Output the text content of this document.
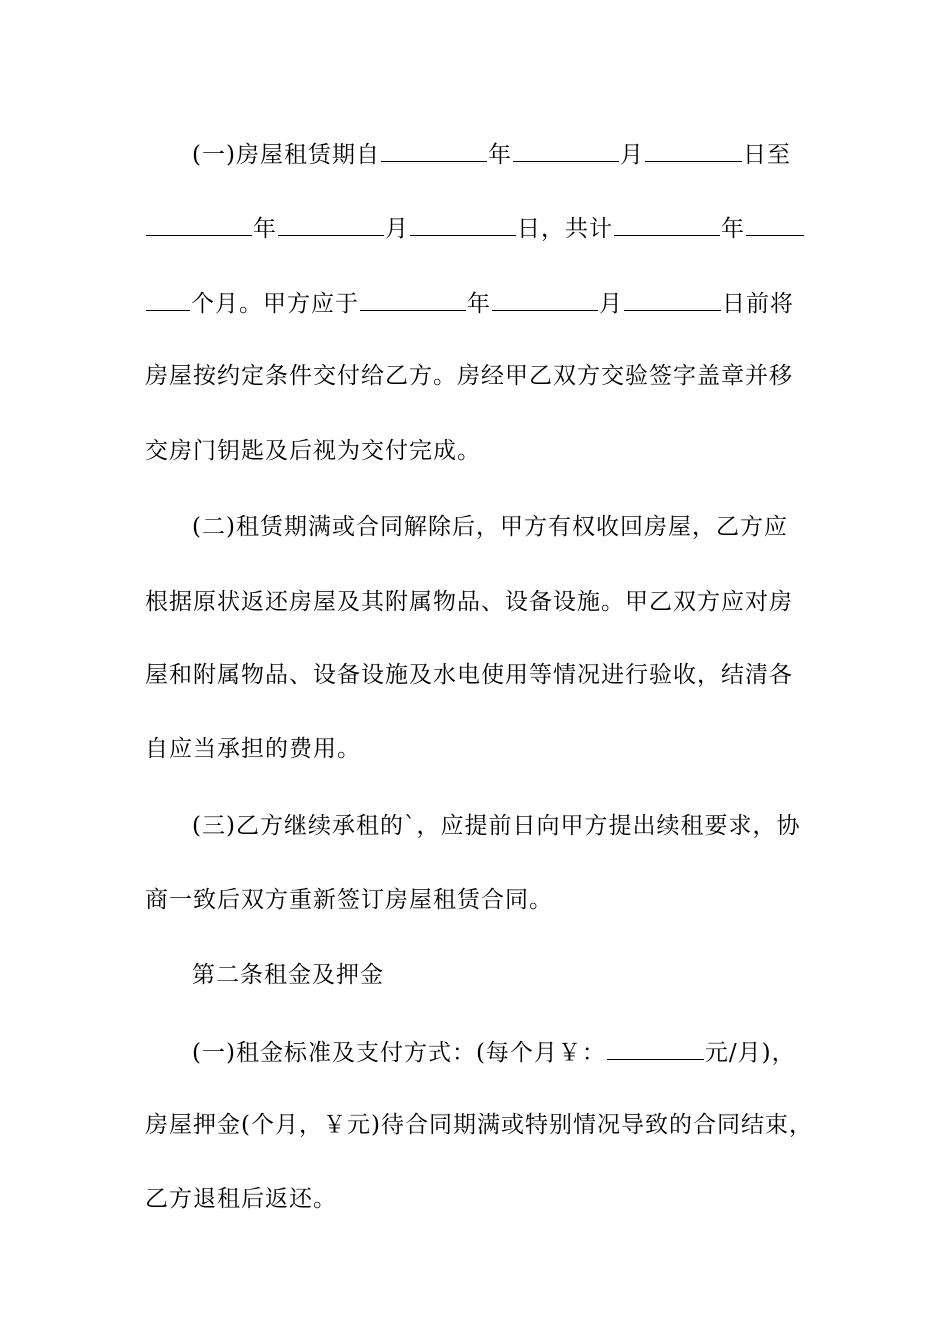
(一)房屋租赁期自	年	月	日至
年	月	日，共计	年
个月。甲方应于	年	月	日前将
房屋按约定条件交付给乙方。房经甲乙双方交验签字盖章并移
交房门钥匙及后视为交付完成。
(二)租赁期满或合同解除后，甲方有权收回房屋，乙方应
根据原状返还房屋及其附属物品、设备设施。甲乙双方应对房
屋和附属物品、设备设施及水电使用等情况进行验收，结清各
自应当承担的费用。
(三)乙方继续承租的`，应提前日向甲方提出续租要求，协
商一致后双方重新签订房屋租赁合同。
第二条租金及押金
(一)租金标准及支付方式：(每个月￥：	元/月)，
房屋押金(个月，￥元)待合同期满或特别情况导致的合同结束，
乙方退租后返还。
